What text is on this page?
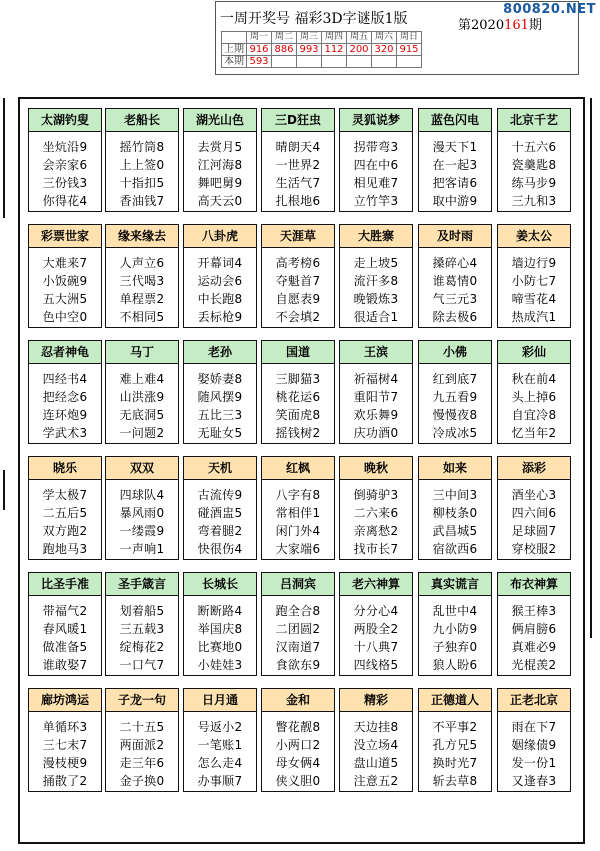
一周开奖号 福彩3D字谜版1版	第2020161期
800820.NET
	周一	周二	周三	周四	周五	周六	周日
上期	916	886	993	112	200	320	915
本期	593						
太湖钓叟
坐炕沿9
会亲家6
三份钱3
你得花4
老船长
摇竹筒8
上上签0
十指扣5
香油钱7
湖光山色
去赏月5
江河海8
舞吧舅9
高天云0
三D狂虫
晴朗天4
一世界2
生活气7
扎根地6
灵狐说梦
拐带弯3
四在中6
相见难7
立竹竿3
蓝色闪电
漫天下1
在一起3
把客请6
取中游9
北京千艺
十五六6
瓷羹匙8
练马步9
三九和3
彩票世家
大难来7
小饭碗9
五大洲5
色中空0
缘来缘去
人声立6
三代喝3
单程票2
不相同5
八卦虎
开幕词4
运动会6
中长跑8
丢标枪9
天涯草
高考榜6
夺魁首7
自愿表9
不会填2
大胜寨
走上坡5
流汗多8
晚锻炼3
很适合1
及时雨
搡碎心4
谁葛情0
气三元3
除去极6
姜太公
墙边行9
小防七7
啼雪花4
热成汽1
忍者神龟
四经书4
把经念6
连环炮9
学武术3
马丁
难上难4
山洪涨9
无底洞5
一问题2
老孙
娶娇妻8
随风摆9
五比三3
无耻女5
国道
三脚猫3
桃花运6
笑面虎8
摇钱树2
王滨
祈福树4
重阳节7
欢乐舞9
庆功酒0
小佛
红到底7
九五看9
慢慢夜8
冷成冰5
彩仙
秋在前4
头上掉6
自宜冷8
忆当年2
晓乐
学太极7
二五后5
双方跑2
跑地马3
双双
四球队4
暴风雨0
一缕霞9
一声响1
天机
古流传9
碰酒盅5
弯着腿2
快很伤4
红枫
八字有8
常相伴1
闲门外4
大家端6
晚秋
倒骑驴3
二六来6
亲离愁2
找市长7
如来
三中间3
柳枝条0
武昌城5
宿欲西6
添彩
酒坐心3
四六间6
足球圆7
穿校服2
比圣手准
带福气2
春风暖1
做准备5
谁敢娶7
圣手箴言
划着船5
三五载3
绽梅花2
一口气7
长城长
断断路4
举国庆8
比赛地0
小娃娃3
吕洞宾
跑全合8
二团圆2
汉南道7
食欲东9
老六神算
分分心4
两股全2
十八典7
四线格5
真实谎言
乱世中4
九小防9
子独弃0
狼人盼6
布衣神算
猴王棒3
俩肩膀6
真难必9
光棍羡2
廊坊鸿运
单循环3
三七末7
漫枝梗9
捅散了2
子龙一句
二十五5
两面派2
走三年6
金子换0
日月通
号返小2
一笔账1
怎么走4
办事顺7
金和
瞥花靓8
小两口2
母女俩4
侠义胆0
精彩
天边挂8
没立场4
盘山道5
注意五2
正德道人
不平事2
孔方兄5
换时光7
斩去草8
正老北京
雨在下7
姻缘债9
发一份1
又逢春3
